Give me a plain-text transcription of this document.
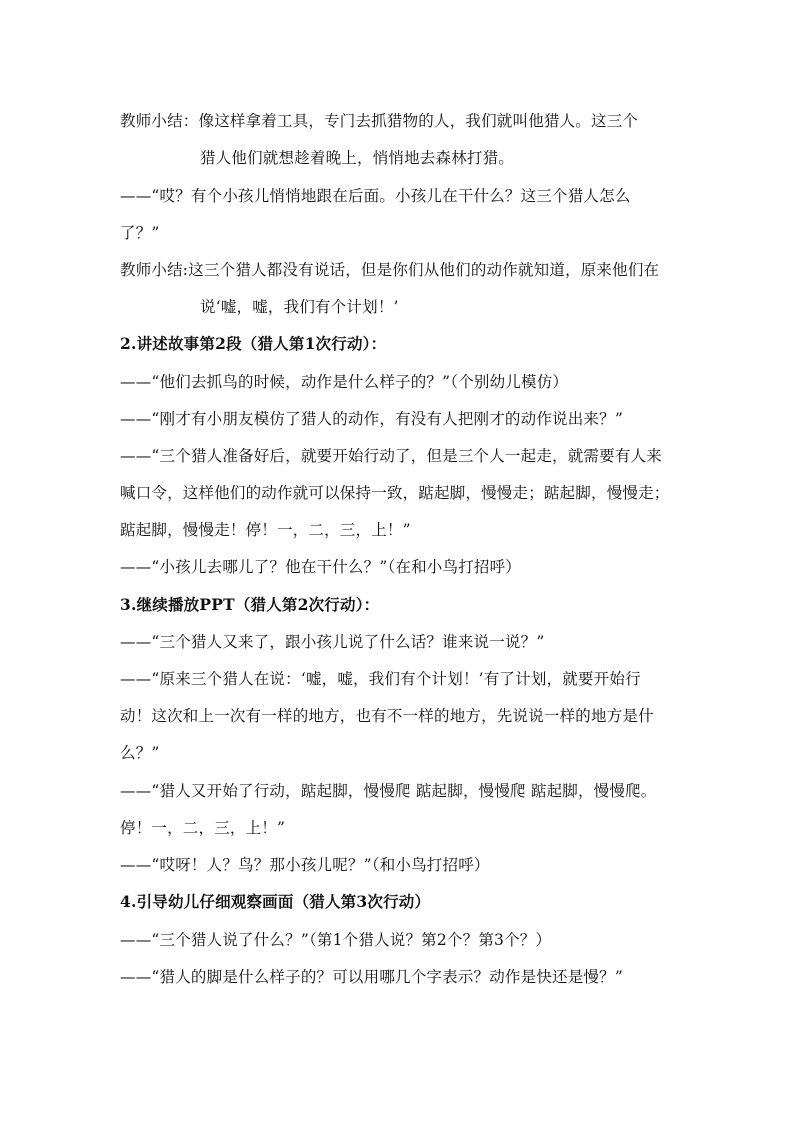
教师小结：像这样拿着工具，专门去抓猎物的人，我们就叫他猎人。这三个
猎人他们就想趁着晚上，悄悄地去森林打猎。
——“哎？有个小孩儿悄悄地跟在后面。小孩儿在干什么？这三个猎人怎么
了？”
教师小结:这三个猎人都没有说话，但是你们从他们的动作就知道，原来他们在
说‘嘘，嘘，我们有个计划！’
2.讲述故事第2段（猎人第1次行动）：
——“他们去抓鸟的时候，动作是什么样子的？”（个别幼儿模仿）
——“刚才有小朋友模仿了猎人的动作，有没有人把刚才的动作说出来？”
——“三个猎人准备好后，就要开始行动了，但是三个人一起走，就需要有人来
喊口令，这样他们的动作就可以保持一致，踮起脚，慢慢走；踮起脚，慢慢走；
踮起脚，慢慢走！停！一，二，三，上！”
——“小孩儿去哪儿了？他在干什么？”（在和小鸟打招呼）
3.继续播放PPT（猎人第2次行动）：
——“三个猎人又来了，跟小孩儿说了什么话？谁来说一说？”
——“原来三个猎人在说：‘嘘，嘘，我们有个计划！’有了计划，就要开始行
动！这次和上一次有一样的地方，也有不一样的地方，先说说一样的地方是什
么？”
——“猎人又开始了行动，踮起脚，慢慢爬 踮起脚，慢慢爬 踮起脚，慢慢爬。
停！一，二，三，上！”
——“哎呀！人？鸟？那小孩儿呢？”（和小鸟打招呼）
4.引导幼儿仔细观察画面（猎人第3次行动）
——“三个猎人说了什么？”（第1个猎人说？第2个？第3个？）
——“猎人的脚是什么样子的？可以用哪几个字表示？动作是快还是慢？”
